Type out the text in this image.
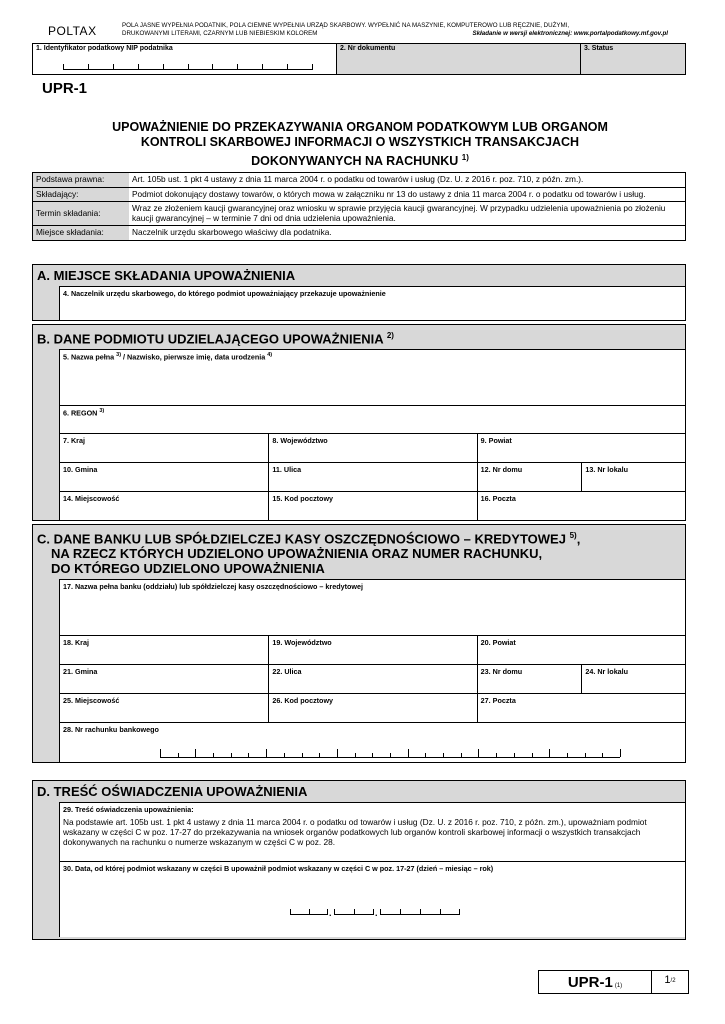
POLTAX	POLA JASNE WYPEŁNIA PODATNIK, POLA CIEMNE WYPEŁNIA URZĄD SKARBOWY. WYPEŁNIĆ NA MASZYNIE, KOMPUTEROWO LUB RĘCZNIE, DUŻYMI,
DRUKOWANYMI LITERAMI, CZARNYM LUB NIEBIESKIM KOLOREM	Składanie w wersji elektronicznej: www.portalpodatkowy.mf.gov.pl
1. Identyfikator podatkowy NIP podatnika	2. Nr dokumentu	3. Status
UPR-1
UPOWAŻNIENIE DO PRZEKAZYWANIA ORGANOM PODATKOWYM LUB ORGANOM
KONTROLI SKARBOWEJ INFORMACJI O WSZYSTKICH TRANSAKCJACH
DOKONYWANYCH NA RACHUNKU $^{1)}$
Podstawa prawna:	Art. 105b ust. 1 pkt 4 ustawy z dnia 11 marca 2004 r. o podatku od towarów i usług (Dz. U. z 2016 r. poz. 710, z późn. zm.).
Składający:	Podmiot dokonujący dostawy towarów, o których mowa w załączniku nr 13 do ustawy z dnia 11 marca 2004 r. o podatku od towarów i usług.
Termin składania:	Wraz ze złożeniem kaucji gwarancyjnej oraz wniosku w sprawie przyjęcia kaucji gwarancyjnej. W przypadku udzielenia upoważnienia po złożeniu kaucji gwarancyjnej – w terminie 7 dni od dnia udzielenia upoważnienia.
Miejsce składania:	Naczelnik urzędu skarbowego właściwy dla podatnika.
A. MIEJSCE SKŁADANIA UPOWAŻNIENIA
4. Naczelnik urzędu skarbowego, do którego podmiot upoważniający przekazuje upoważnienie
B. DANE PODMIOTU UDZIELAJĄCEGO UPOWAŻNIENIA $^{2)}$
5. Nazwa pełna $^{3)}$ / Nazwisko, pierwsze imię, data urodzenia $^{4)}$
6. REGON $^{3)}$
7. Kraj	8. Województwo	9. Powiat
10. Gmina	11. Ulica	12. Nr domu	13. Nr lokalu
14. Miejscowość	15. Kod pocztowy	16. Poczta
C. DANE BANKU LUB SPÓŁDZIELCZEJ KASY OSZCZĘDNOŚCIOWO – KREDYTOWEJ $^{5)}$,
NA RZECZ KTÓRYCH UDZIELONO UPOWAŻNIENIA ORAZ NUMER RACHUNKU,
DO KTÓREGO UDZIELONO UPOWAŻNIENIA
17. Nazwa pełna banku (oddziału) lub spółdzielczej kasy oszczędnościowo – kredytowej
18. Kraj	19. Województwo	20. Powiat
21. Gmina	22. Ulica	23. Nr domu	24. Nr lokalu
25. Miejscowość	26. Kod pocztowy	27. Poczta
28. Nr rachunku bankowego
D. TREŚĆ OŚWIADCZENIA UPOWAŻNIENIA
29. Treść oświadczenia upoważnienia:
Na podstawie art. 105b ust. 1 pkt 4 ustawy z dnia 11 marca 2004 r. o podatku od towarów i usług (Dz. U. z 2016 r. poz. 710, z późn. zm.), upoważniam podmiot wskazany w części C w poz. 17-27 do przekazywania na wniosek organów podatkowych lub organów kontroli skarbowej informacji o wszystkich transakcjach dokonywanych na rachunku o numerze wskazanym w części C w poz. 28.
30. Data, od której podmiot wskazany w części B upoważnił podmiot wskazany w części C w poz. 17-27 (dzień – miesiąc – rok)
.	.
UPR-1 (1)	1 /2
